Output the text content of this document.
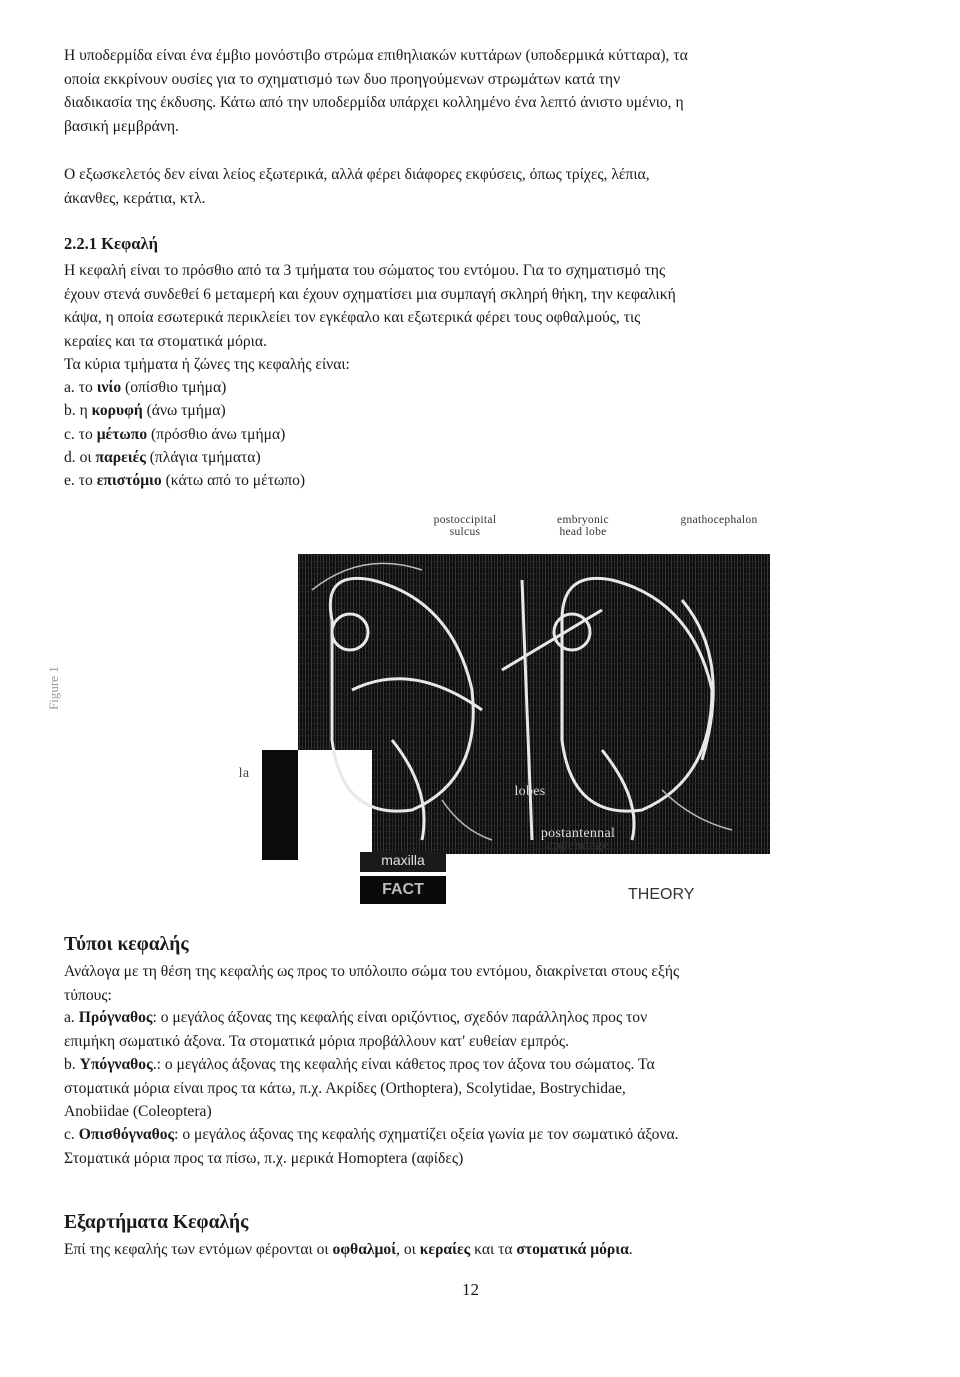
Η υποδερμίδα είναι ένα έμβιο μονόστιβο στρώμα επιθηλιακών κυττάρων (υποδερμικά κύτταρα), τα
οποία εκκρίνουν ουσίες για το σχηματισμό των δυο προηγούμενων στρωμάτων κατά την
διαδικασία της έκδυσης. Κάτω από την υποδερμίδα υπάρχει κολλημένο ένα λεπτό άνιστο υμένιο, η
βασική μεμβράνη.
Ο εξωσκελετός δεν είναι λείος εξωτερικά, αλλά φέρει διάφορες εκφύσεις, όπως τρίχες, λέπια,
άκανθες, κεράτια, κτλ.
2.2.1 Κεφαλή
Η κεφαλή είναι το πρόσθιο από τα 3 τμήματα του σώματος του εντόμου. Για το σχηματισμό της
έχουν στενά συνδεθεί 6 μεταμερή και έχουν σχηματίσει μια συμπαγή σκληρή θήκη, την κεφαλική
κάψα, η οποία εσωτερικά περικλείει τον εγκέφαλο και εξωτερικά φέρει τους οφθαλμούς, τις
κεραίες και τα στοματικά μόρια.
Τα κύρια τμήματα ή ζώνες της κεφαλής είναι:
a. το ινίο (οπίσθιο τμήμα)
b. η κορυφή (άνω τμήμα)
c. το μέτωπο (πρόσθιο άνω τμήμα)
d. οι παρειές (πλάγια τμήματα)
e. το επιστόμιο (κάτω από το μέτωπο)
postoccipital
sulcus
embryonic
head lobe
gnathocephalon
Figure 1
la
lobes
postantennal
appendage
maxilla
FACT	THEORY
Τύποι κεφαλής
Ανάλογα με τη θέση της κεφαλής ως προς το υπόλοιπο σώμα του εντόμου, διακρίνεται στους εξής
τύπους:
a. Πρόγναθος: ο μεγάλος άξονας της κεφαλής είναι οριζόντιος, σχεδόν παράλληλος προς τον
επιμήκη σωματικό άξονα. Τα στοματικά μόρια προβάλλουν κατ' ευθείαν εμπρός.
b. Υπόγναθος.: ο μεγάλος άξονας της κεφαλής είναι κάθετος προς τον άξονα του σώματος. Τα
στοματικά μόρια είναι προς τα κάτω, π.χ. Ακρίδες (Orthoptera), Scolytidae, Bostrychidae,
Anobiidae (Coleoptera)
c. Οπισθόγναθος: ο μεγάλος άξονας της κεφαλής σχηματίζει οξεία γωνία με τον σωματικό άξονα.
Στοματικά μόρια προς τα πίσω, π.χ. μερικά Homoptera (αφίδες)
Εξαρτήματα Κεφαλής
Επί της κεφαλής των εντόμων φέρονται οι οφθαλμοί, οι κεραίες και τα στοματικά μόρια.
12
